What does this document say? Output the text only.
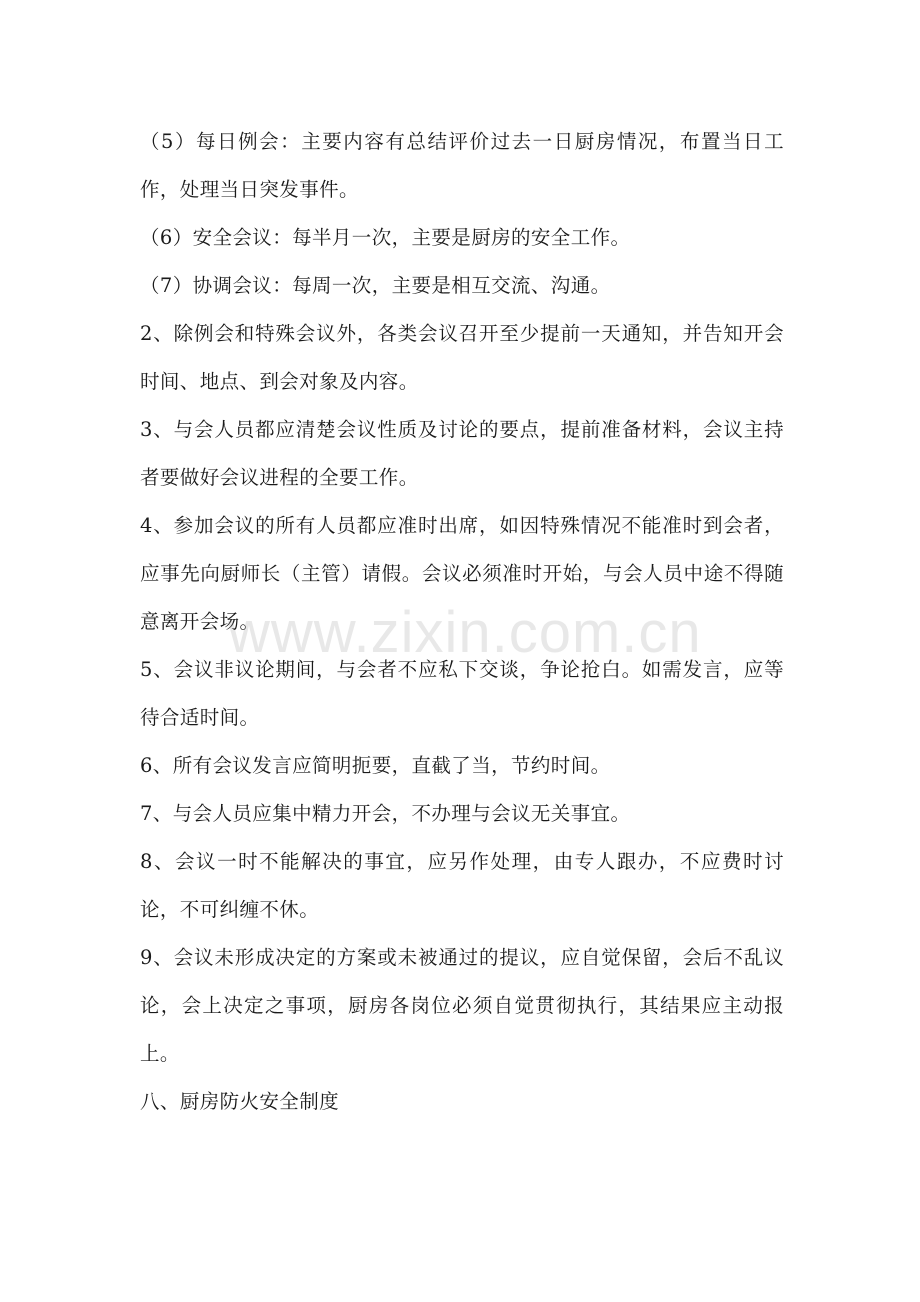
（5）每日例会：主要内容有总结评价过去一日厨房情况，布置当日工作，处理当日突发事件。

（6）安全会议：每半月一次，主要是厨房的安全工作。

（7）协调会议：每周一次，主要是相互交流、沟通。

2、除例会和特殊会议外，各类会议召开至少提前一天通知，并告知开会时间、地点、到会对象及内容。

3、与会人员都应清楚会议性质及讨论的要点，提前准备材料，会议主持者要做好会议进程的全要工作。

4、参加会议的所有人员都应准时出席，如因特殊情况不能准时到会者，应事先向厨师长（主管）请假。会议必须准时开始，与会人员中途不得随意离开会场。

5、会议非议论期间，与会者不应私下交谈，争论抢白。如需发言，应等待合适时间。

6、所有会议发言应简明扼要，直截了当，节约时间。

7、与会人员应集中精力开会，不办理与会议无关事宜。

8、会议一时不能解决的事宜，应另作处理，由专人跟办，不应费时讨论，不可纠缠不休。

9、会议未形成决定的方案或未被通过的提议，应自觉保留，会后不乱议论，会上决定之事项，厨房各岗位必须自觉贯彻执行，其结果应主动报上。

八、厨房防火安全制度

www.zixin.com.cn
